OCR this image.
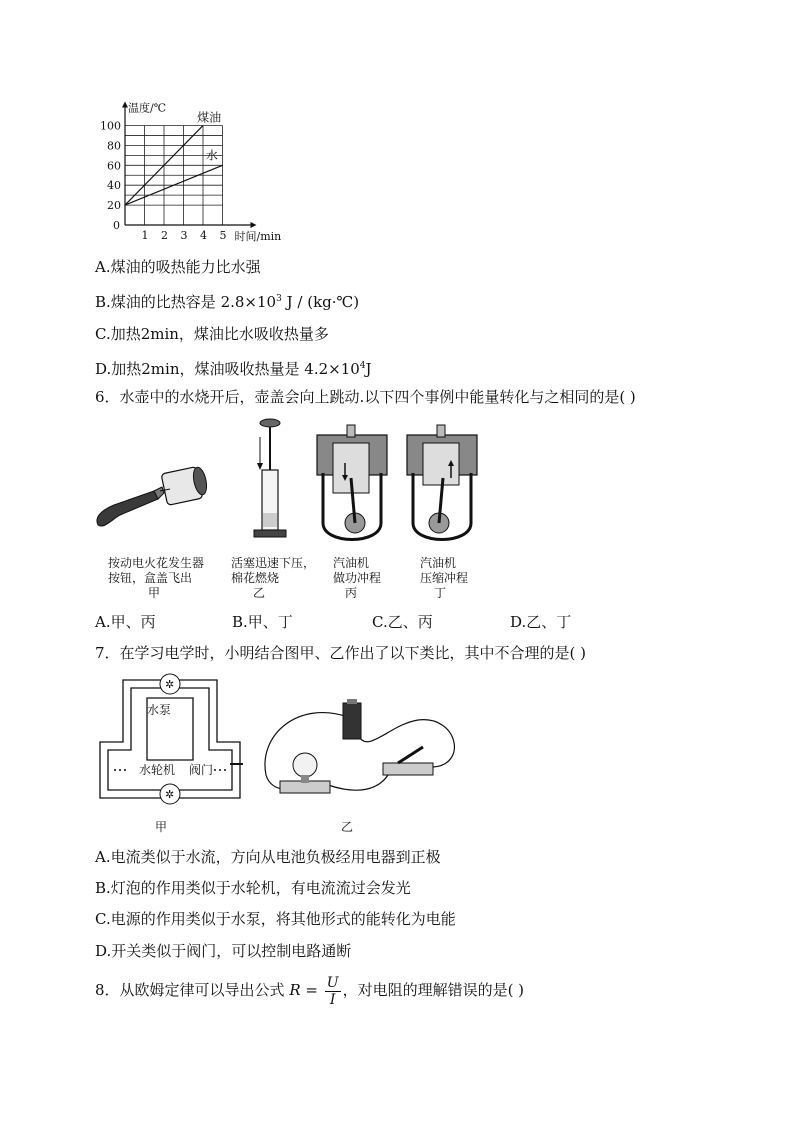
1 2 3 4 5
20
40
60
80
100
0
温度/℃
时间/min
煤油
水
A.煤油的吸热能力比水强
B.煤油的比热容是 $2.8\times 10^3$ J / (kg·℃)
C.加热2min，煤油比水吸收热量多
D.加热2min，煤油吸收热量是 $4.2\times 10^4J$
6．水壶中的水烧开后，壶盖会向上跳动.以下四个事例中能量转化与之相同的是( )
按动电火花发生器
按钮，盒盖飞出
甲
活塞迅速下压，
棉花燃烧
乙
汽油机
做功冲程
丙
汽油机
压缩冲程
丁
A.甲、丙	B.甲、丁	C.乙、丙	D.乙、丁
7．在学习电学时，小明结合图甲、乙作出了以下类比，其中不合理的是( )
✲
✲
水泵
水轮机 阀门
甲	乙
A.电流类似于水流，方向从电池负极经用电器到正极
B.灯泡的作用类似于水轮机，有电流流过会发光
C.电源的作用类似于水泵，将其他形式的能转化为电能
D.开关类似于阀门，可以控制电路通断
8．从欧姆定律可以导出公式 $R = \frac{U}{I}$ ，对电阻的理解错误的是( )
